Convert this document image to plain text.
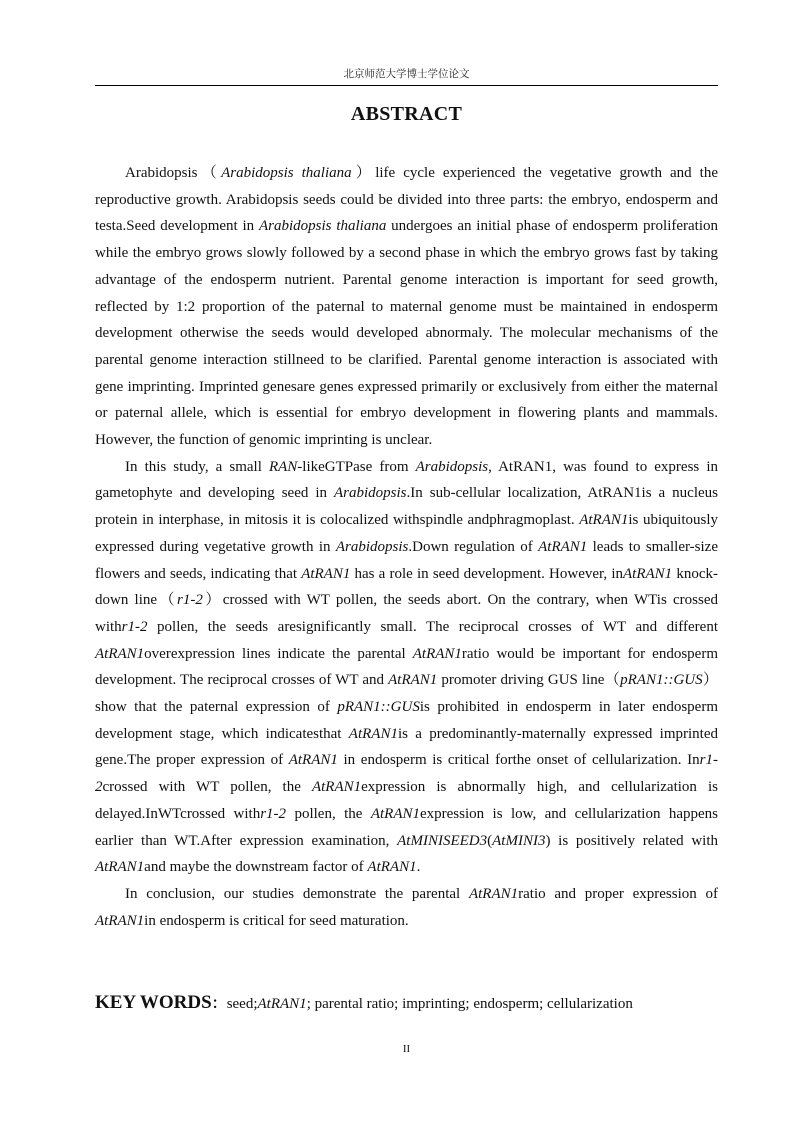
北京师范大学博士学位论文
ABSTRACT

Arabidopsis（Arabidopsis thaliana）life cycle experienced the vegetative growth and the reproductive growth. Arabidopsis seeds could be divided into three parts: the embryo, endosperm and testa.Seed development in Arabidopsis thaliana undergoes an initial phase of endosperm proliferation while the embryo grows slowly followed by a second phase in which the embryo grows fast by taking advantage of the endosperm nutrient. Parental genome interaction is important for seed growth, reflected by 1:2 proportion of the paternal to maternal genome must be maintained in endosperm development otherwise the seeds would developed abnormaly. The molecular mechanisms of the parental genome interaction stillneed to be clarified. Parental genome interaction is associated with gene imprinting. Imprinted genesare genes expressed primarily or exclusively from either the maternal or paternal allele, which is essential for embryo development in flowering plants and mammals. However, the function of genomic imprinting is unclear.

In this study, a small RAN-likeGTPase from Arabidopsis, AtRAN1, was found to express in gametophyte and developing seed in Arabidopsis.In sub-cellular localization, AtRAN1is a nucleus protein in interphase, in mitosis it is colocalized withspindle andphragmoplast. AtRAN1is ubiquitously expressed during vegetative growth in Arabidopsis.Down regulation of AtRAN1 leads to smaller-size flowers and seeds, indicating that AtRAN1 has a role in seed development. However, inAtRAN1 knock-down line（r1-2）crossed with WT pollen, the seeds abort. On the contrary, when WTis crossed withr1-2 pollen, the seeds aresignificantly small. The reciprocal crosses of WT and different AtRAN1overexpression lines indicate the parental AtRAN1ratio would be important for endosperm development. The reciprocal crosses of WT and AtRAN1 promoter driving GUS line（pRAN1::GUS）show that the paternal expression of pRAN1::GUSis prohibited in endosperm in later endosperm development stage, which indicatesthat AtRAN1is a predominantly-maternally expressed imprinted gene.The proper expression of AtRAN1 in endosperm is critical forthe onset of cellularization. Inr1-2crossed with WT pollen, the AtRAN1expression is abnormally high, and cellularization is delayed.InWTcrossed withr1-2 pollen, the AtRAN1expression is low, and cellularization happens earlier than WT.After expression examination, AtMINISEED3(AtMINI3) is positively related with AtRAN1and maybe the downstream factor of AtRAN1.

In conclusion, our studies demonstrate the parental AtRAN1ratio and proper expression of AtRAN1in endosperm is critical for seed maturation.

KEY WORDS：seed;AtRAN1; parental ratio; imprinting; endosperm; cellularization
II
